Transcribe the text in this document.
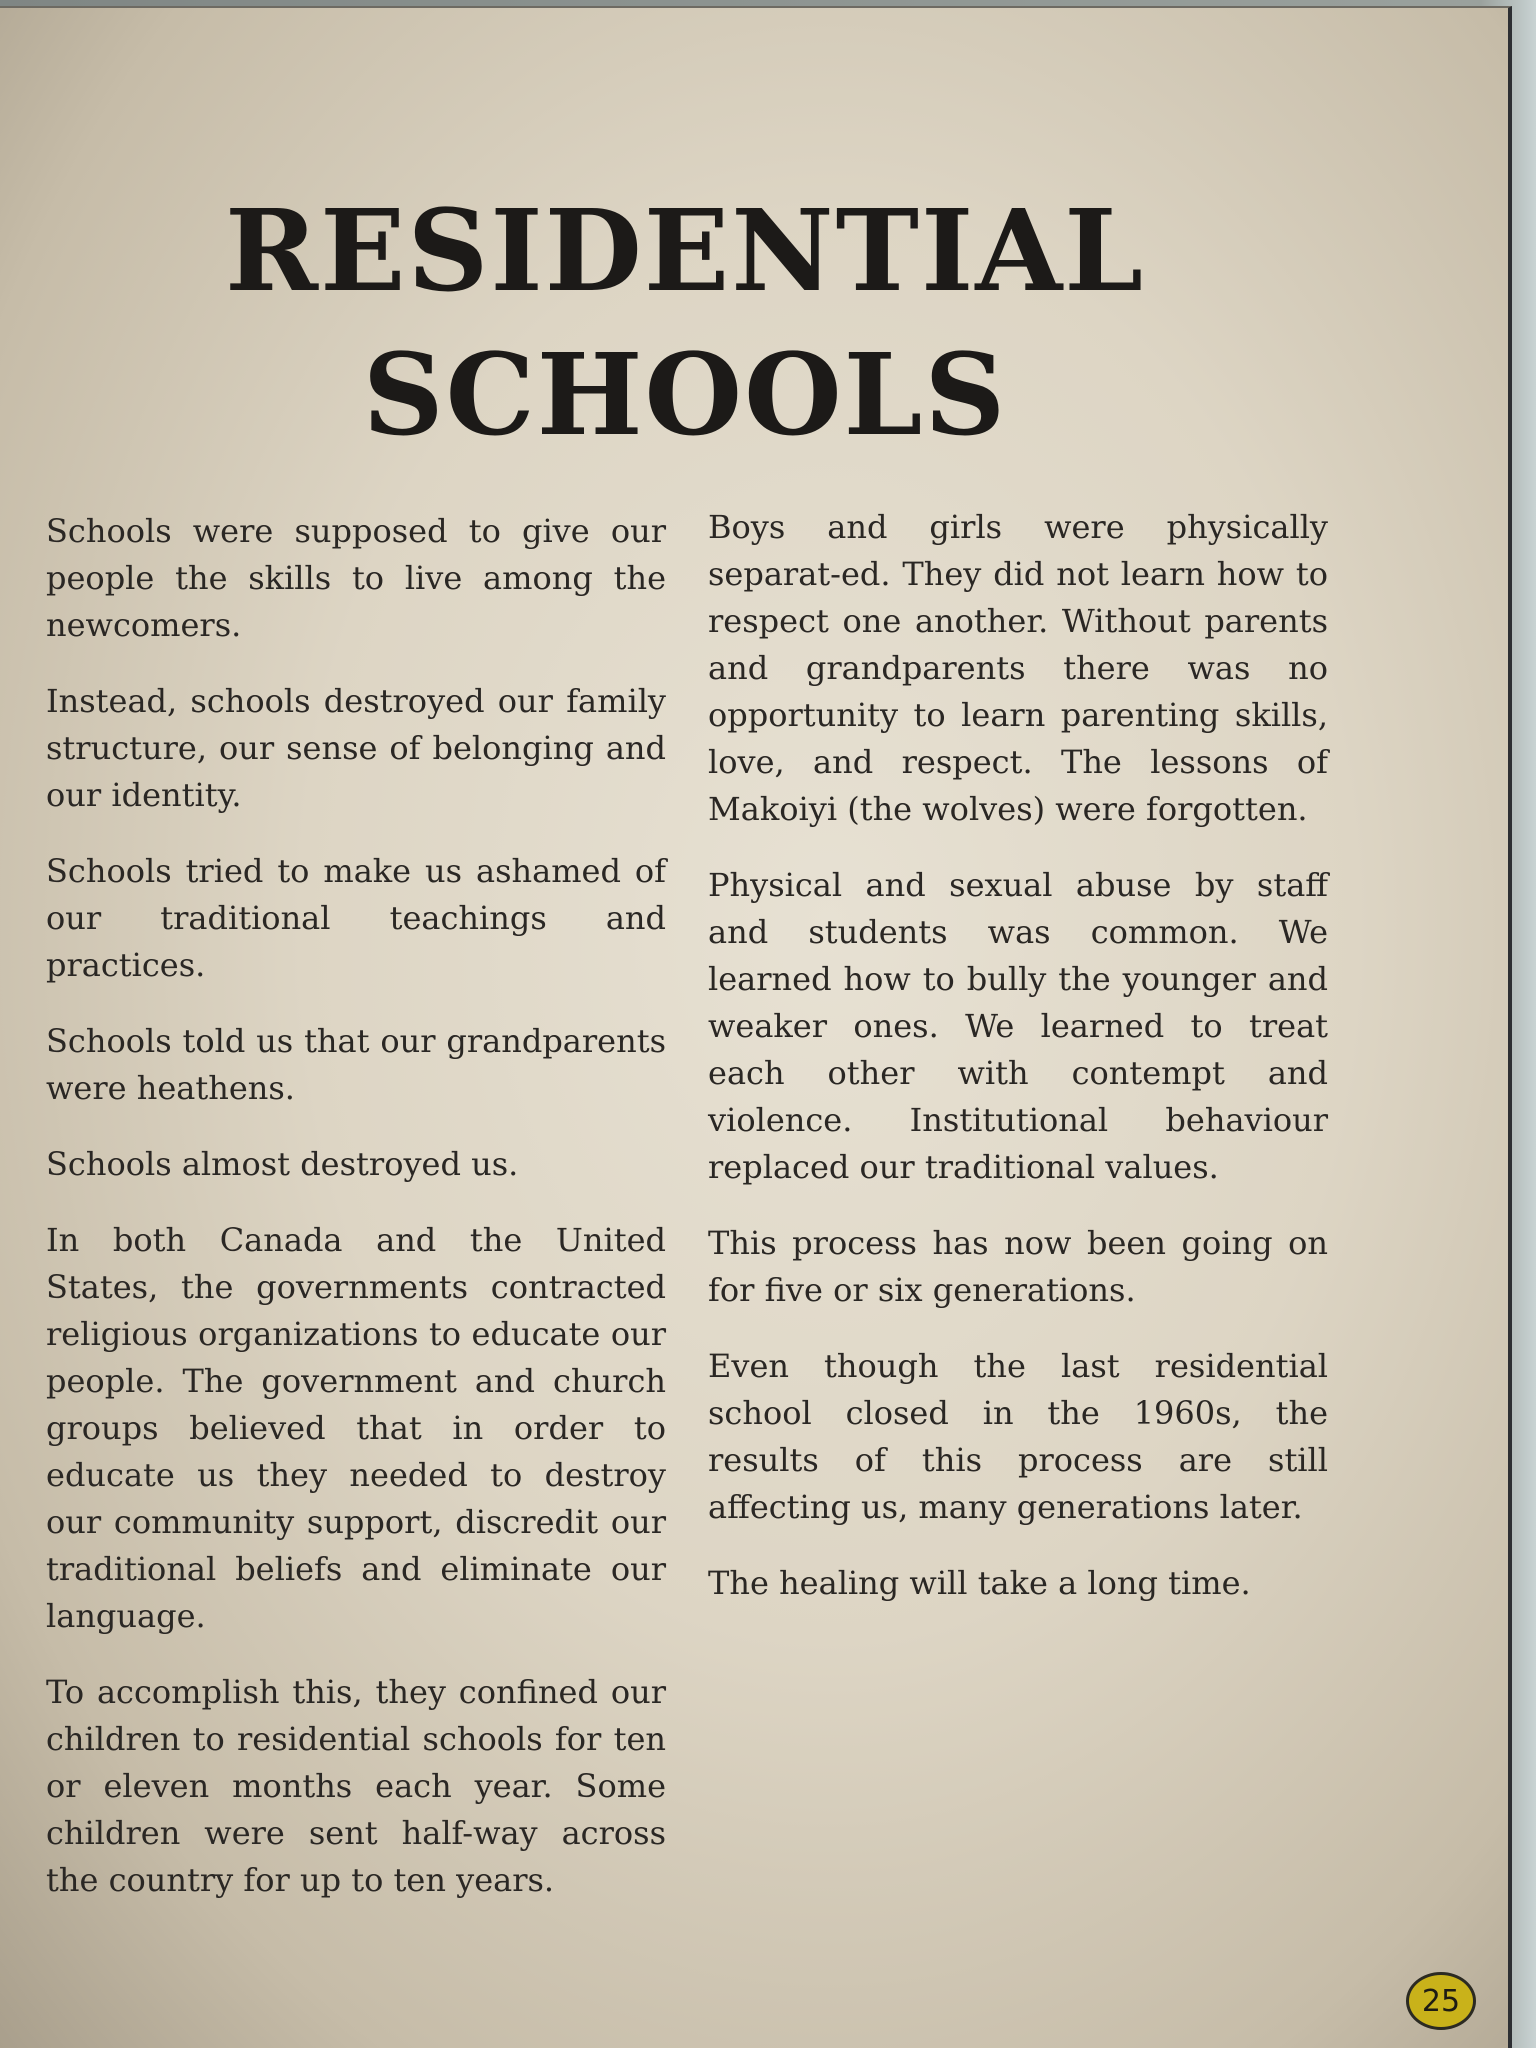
RESIDENTIAL
SCHOOLS

Schools were supposed to give our people the skills to live among the newcomers.

Instead, schools destroyed our family structure, our sense of belonging and our identity.

Schools tried to make us ashamed of our traditional teachings and practices.

Schools told us that our grandparents were heathens.

Schools almost destroyed us.

In both Canada and the United States, the governments contracted religious organizations to educate our people. The government and church groups believed that in order to educate us they needed to destroy our community support, discredit our traditional beliefs and eliminate our language.

To accomplish this, they confined our children to residential schools for ten or eleven months each year. Some children were sent half-way across the country for up to ten years.

Boys and girls were physically separat-ed. They did not learn how to respect one another. Without parents and grandparents there was no opportunity to learn parenting skills, love, and respect. The lessons of Makoiyi (the wolves) were forgotten.

Physical and sexual abuse by staff and students was common. We learned how to bully the younger and weaker ones. We learned to treat each other with contempt and violence. Institutional behaviour replaced our traditional values.

This process has now been going on for five or six generations.

Even though the last residential school closed in the 1960s, the results of this process are still affecting us, many generations later.

The healing will take a long time.

25
